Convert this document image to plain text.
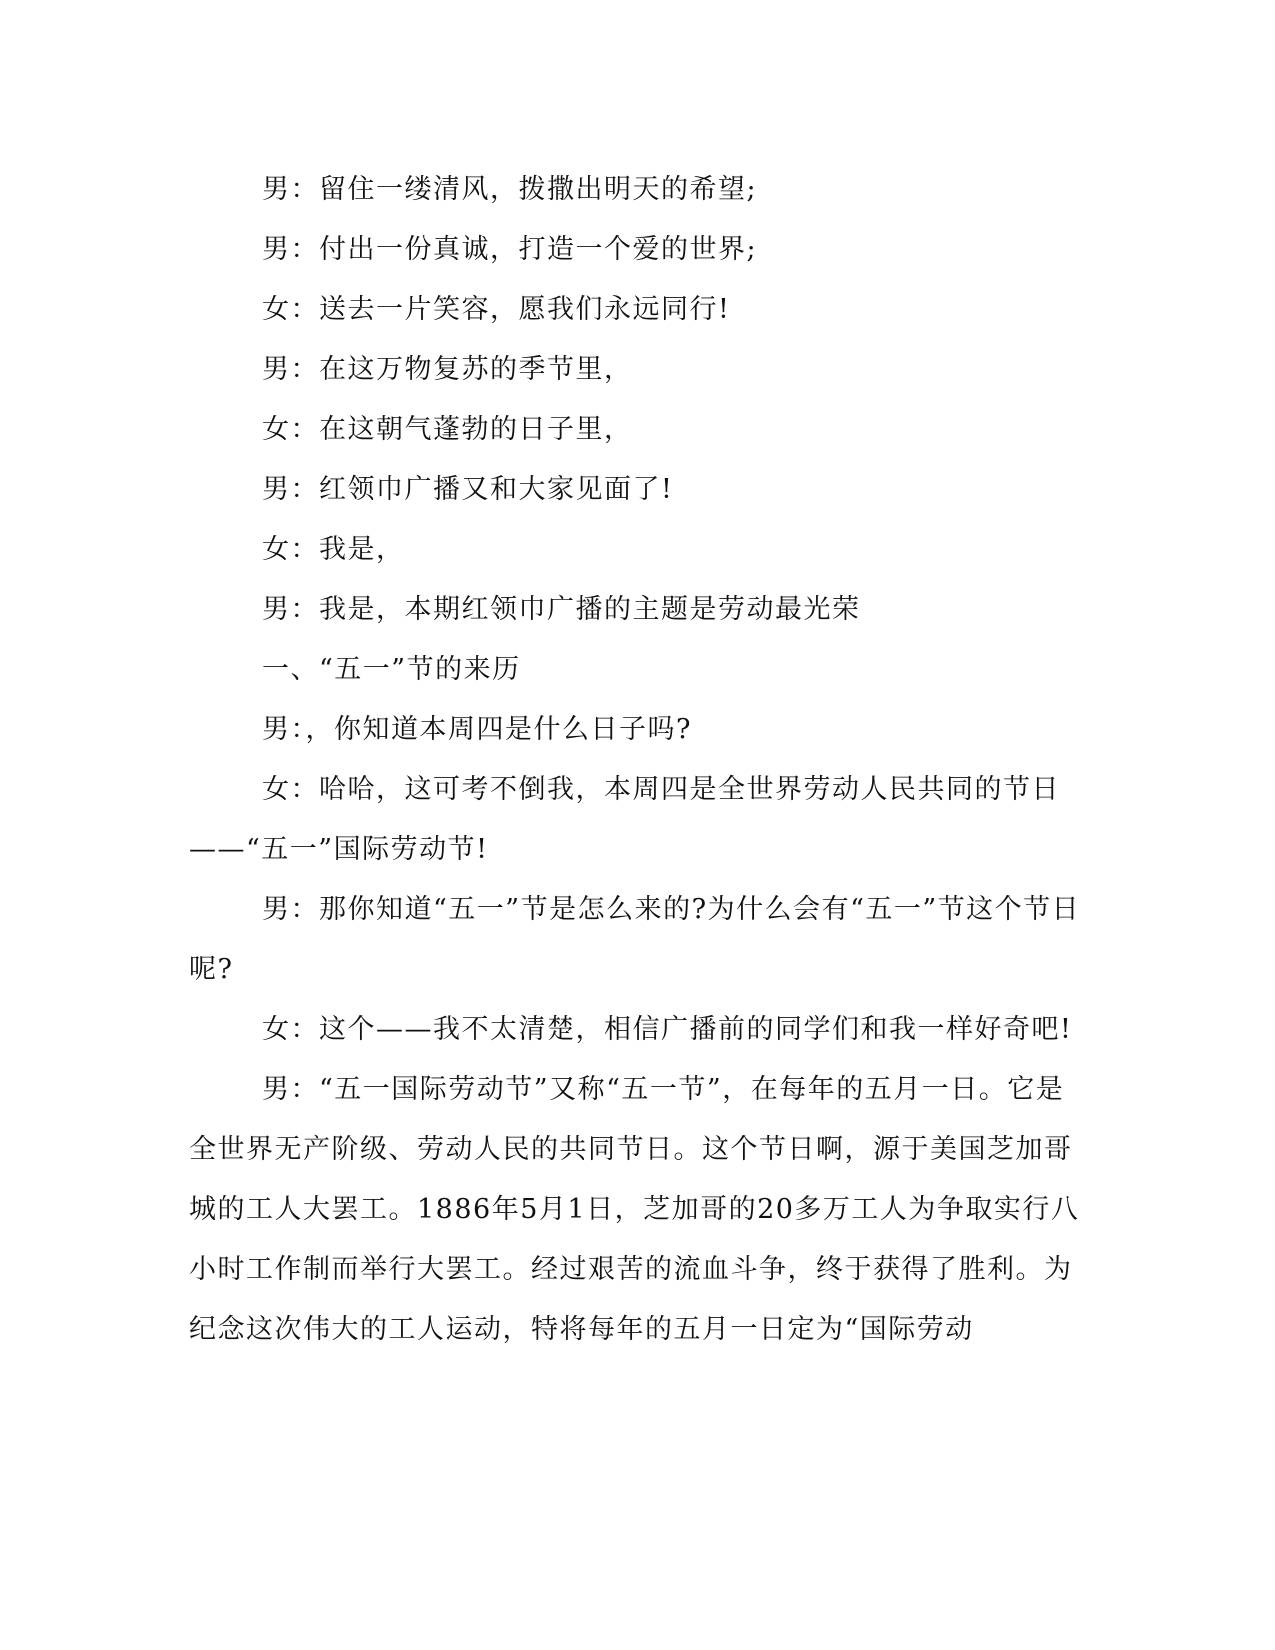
男：留住一缕清风，拨撒出明天的希望;

男：付出一份真诚，打造一个爱的世界;

女：送去一片笑容，愿我们永远同行!

男：在这万物复苏的季节里，

女：在这朝气蓬勃的日子里，

男：红领巾广播又和大家见面了!

女：我是，

男：我是，本期红领巾广播的主题是劳动最光荣

一、“五一”节的来历

男：，你知道本周四是什么日子吗?

女：哈哈，这可考不倒我，本周四是全世界劳动人民共同的节日——“五一”国际劳动节!

男：那你知道“五一”节是怎么来的?为什么会有“五一”节这个节日呢?

女：这个——我不太清楚，相信广播前的同学们和我一样好奇吧!

男：“五一国际劳动节”又称“五一节”，在每年的五月一日。它是全世界无产阶级、劳动人民的共同节日。这个节日啊，源于美国芝加哥城的工人大罢工。1886年5月1日，芝加哥的20多万工人为争取实行八小时工作制而举行大罢工。经过艰苦的流血斗争，终于获得了胜利。为纪念这次伟大的工人运动，特将每年的五月一日定为“国际劳动
